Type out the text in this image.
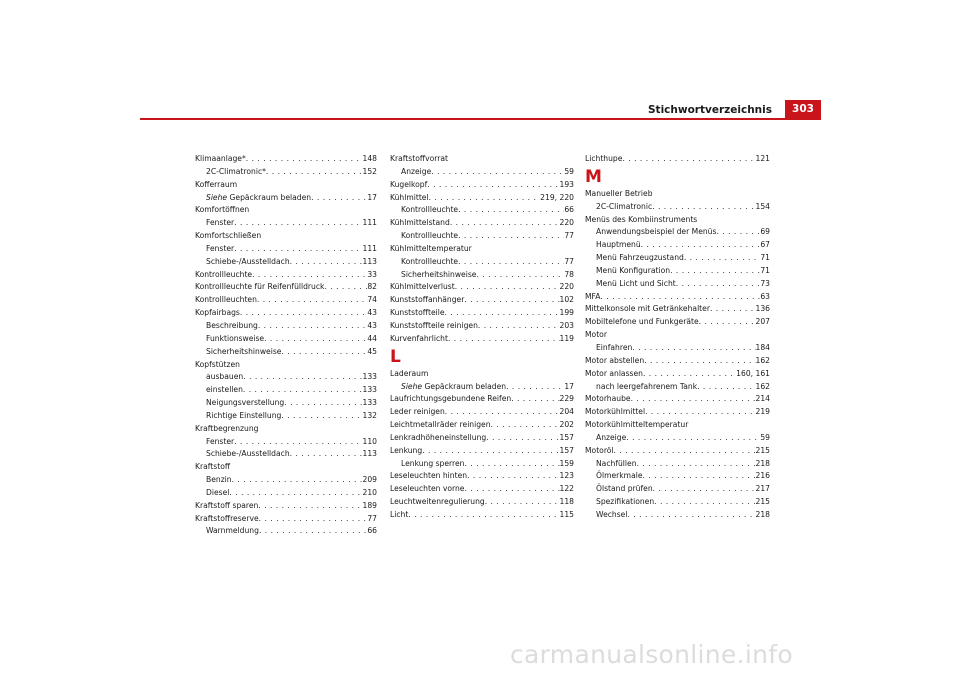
Stichwortverzeichnis	303
Klimaanlage* . . .	148
2C-Climatronic* . . .	152
Kofferraum
Siehe Gepäckraum beladen . . .	17
Komfortöffnen
Fenster . . .	111
Komfortschließen
Fenster . . .	111
Schiebe-/Ausstelldach . . .	113
Kontrollleuchte . . .	33
Kontrollleuchte für Reifenfülldruck . . .	82
Kontrollleuchten . . .	74
Kopfairbags . . .	43
Beschreibung . . .	43
Funktionsweise . . .	44
Sicherheitshinweise . . .	45
Kopfstützen
ausbauen . . .	133
einstellen . . .	133
Neigungsverstellung . . .	133
Richtige Einstellung . . .	132
Kraftbegrenzung
Fenster . . .	110
Schiebe-/Ausstelldach . . .	113
Kraftstoff
Benzin . . .	209
Diesel . . .	210
Kraftstoff sparen . . .	189
Kraftstoffreserve . . .	77
Warnmeldung . . .	66
Kraftstoffvorrat
Anzeige . . .	59
Kugelkopf . . .	193
Kühlmittel . . .	219, 220
Kontrollleuchte . . .	66
Kühlmittelstand . . .	220
Kontrollleuchte . . .	77
Kühlmitteltemperatur
Kontrollleuchte . . .	77
Sicherheitshinweise . . .	78
Kühlmittelverlust . . .	220
Kunststoffanhänger . . .	102
Kunststoffteile . . .	199
Kunststoffteile reinigen . . .	203
Kurvenfahrlicht . . .	119
L
Laderaum
Siehe Gepäckraum beladen . . .	17
Laufrichtungsgebundene Reifen . . .	229
Leder reinigen . . .	204
Leichtmetallräder reinigen . . .	202
Lenkradhöheneinstellung . . .	157
Lenkung . . .	157
Lenkung sperren . . .	159
Leseleuchten hinten . . .	123
Leseleuchten vorne . . .	122
Leuchtweitenregulierung . . .	118
Licht . . .	115
Lichthupe . . .	121
M
Manueller Betrieb
2C-Climatronic . . .	154
Menüs des Kombiinstruments
Anwendungsbeispiel der Menüs . . .	69
Hauptmenü . . .	67
Menü Fahrzeugzustand . . .	71
Menü Konfiguration . . .	71
Menü Licht und Sicht . . .	73
MFA . . .	63
Mittelkonsole mit Getränkehalter . . .	136
Mobiltelefone und Funkgeräte . . .	207
Motor
Einfahren . . .	184
Motor abstellen . . .	162
Motor anlassen . . .	160, 161
nach leergefahrenem Tank . . .	162
Motorhaube . . .	214
Motorkühlmittel . . .	219
Motorkühlmitteltemperatur
Anzeige . . .	59
Motoröl . . .	215
Nachfüllen . . .	218
Ölmerkmale . . .	216
Ölstand prüfen . . .	217
Spezifikationen . . .	215
Wechsel . . .	218
carmanualsonline.info
